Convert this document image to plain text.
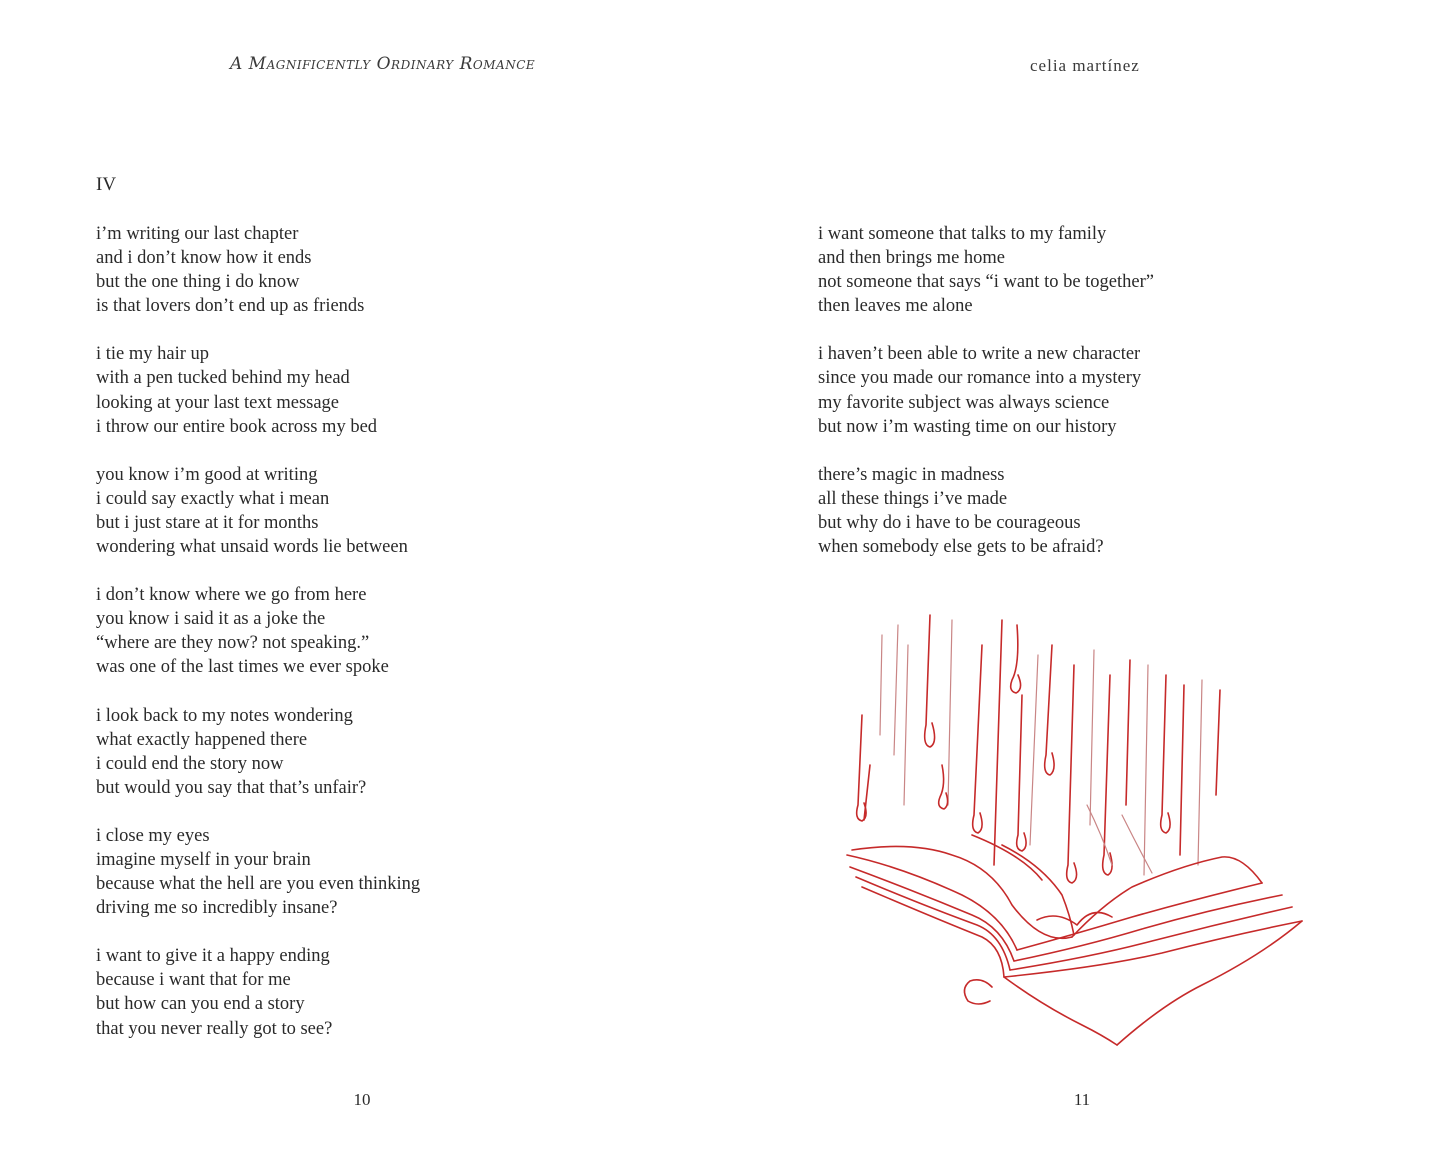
A Magnificently Ordinary Romance
IV
i’m writing our last chapter
and i don’t know how it ends
but the one thing i do know
is that lovers don’t end up as friends
i tie my hair up
with a pen tucked behind my head
looking at your last text message
i throw our entire book across my bed
you know i’m good at writing
i could say exactly what i mean
but i just stare at it for months
wondering what unsaid words lie between
i don’t know where we go from here
you know i said it as a joke the
“where are they now? not speaking.”
was one of the last times we ever spoke
i look back to my notes wondering
what exactly happened there
i could end the story now
but would you say that that’s unfair?
i close my eyes
imagine myself in your brain
because what the hell are you even thinking
driving me so incredibly insane?
i want to give it a happy ending
because i want that for me
but how can you end a story
that you never really got to see?
10
celia martínez
i want someone that talks to my family
and then brings me home
not someone that says “i want to be together”
then leaves me alone
i haven’t been able to write a new character
since you made our romance into a mystery
my favorite subject was always science
but now i’m wasting time on our history
there’s magic in madness
all these things i’ve made
but why do i have to be courageous
when somebody else gets to be afraid?
11
